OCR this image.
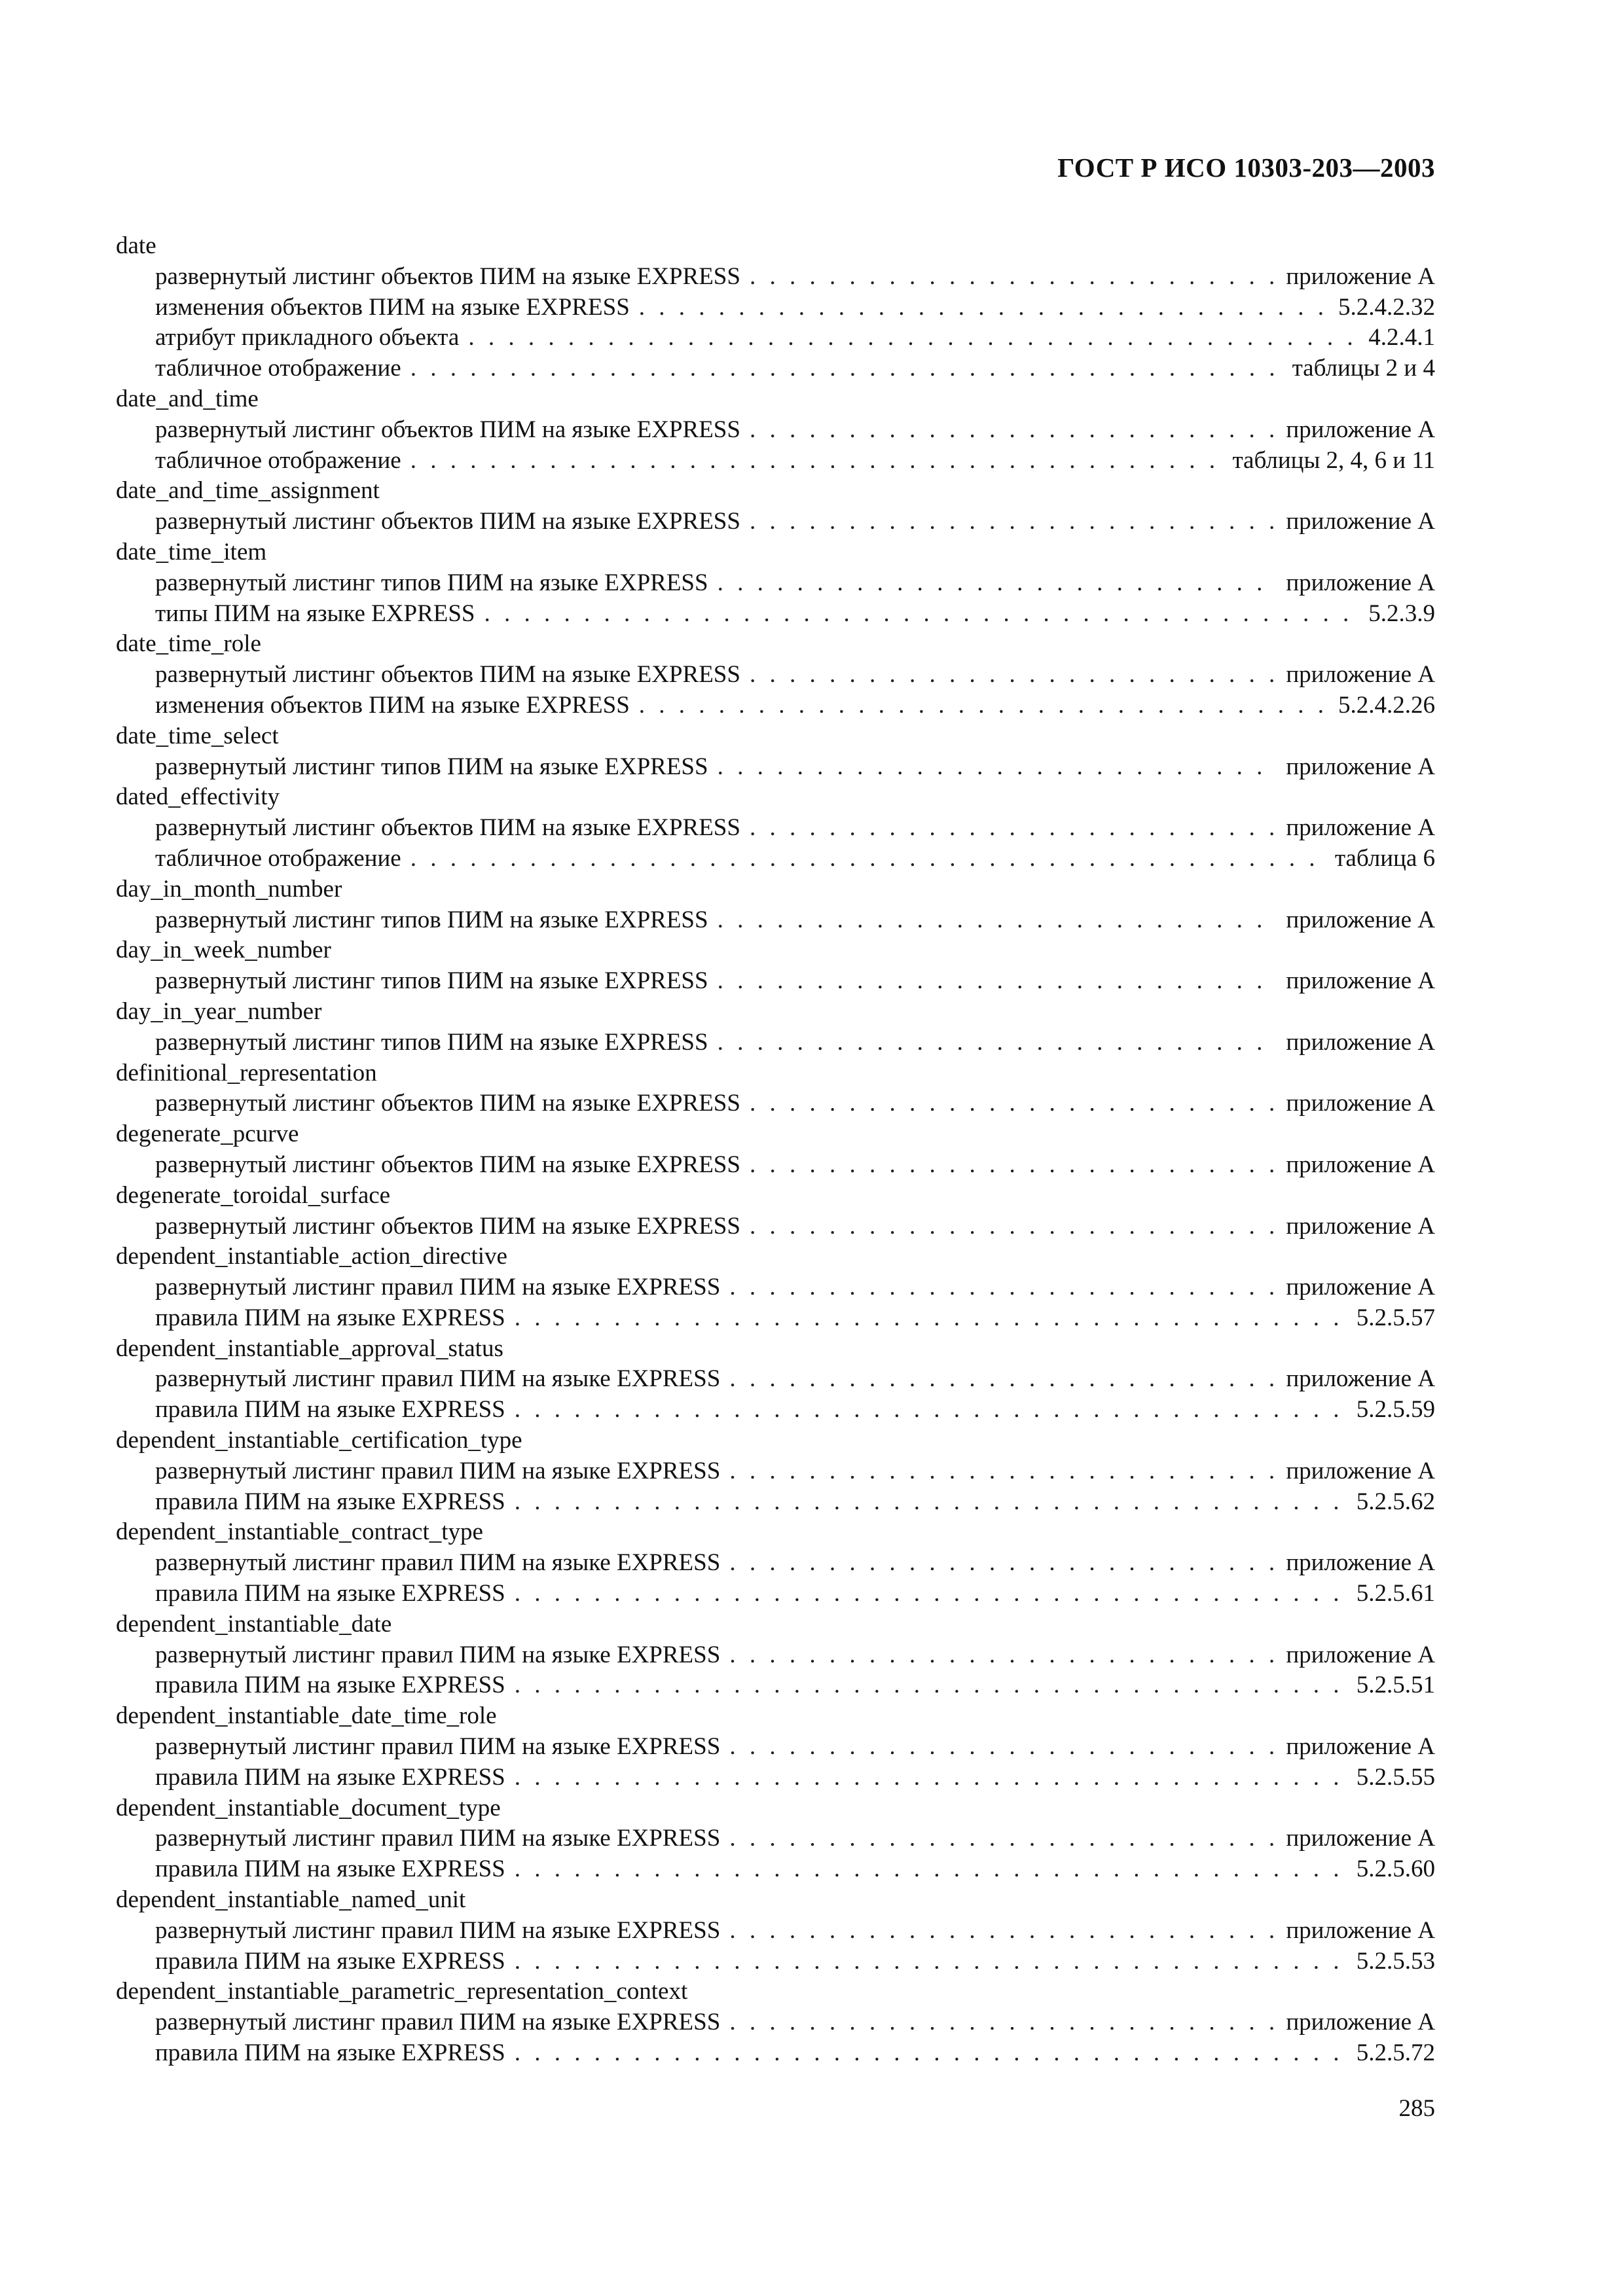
ГОСТ Р ИСО 10303-203—2003
date
развернутый листинг объектов ПИМ на языке EXPRESS . . .	приложение А
изменения объектов ПИМ на языке EXPRESS . . .	5.2.4.2.32
атрибут прикладного объекта . . .	4.2.4.1
табличное отображение . . .	таблицы 2 и 4
date_and_time
развернутый листинг объектов ПИМ на языке EXPRESS . . .	приложение А
табличное отображение . . .	таблицы 2, 4, 6 и 11
date_and_time_assignment
развернутый листинг объектов ПИМ на языке EXPRESS . . .	приложение А
date_time_item
развернутый листинг типов ПИМ на языке EXPRESS . . .	приложение А
типы ПИМ на языке EXPRESS . . .	5.2.3.9
date_time_role
развернутый листинг объектов ПИМ на языке EXPRESS . . .	приложение А
изменения объектов ПИМ на языке EXPRESS . . .	5.2.4.2.26
date_time_select
развернутый листинг типов ПИМ на языке EXPRESS . . .	приложение А
dated_effectivity
развернутый листинг объектов ПИМ на языке EXPRESS . . .	приложение А
табличное отображение . . .	таблица 6
day_in_month_number
развернутый листинг типов ПИМ на языке EXPRESS . . .	приложение А
day_in_week_number
развернутый листинг типов ПИМ на языке EXPRESS . . .	приложение А
day_in_year_number
развернутый листинг типов ПИМ на языке EXPRESS . . .	приложение А
definitional_representation
развернутый листинг объектов ПИМ на языке EXPRESS . . .	приложение А
degenerate_pcurve
развернутый листинг объектов ПИМ на языке EXPRESS . . .	приложение А
degenerate_toroidal_surface
развернутый листинг объектов ПИМ на языке EXPRESS . . .	приложение А
dependent_instantiable_action_directive
развернутый листинг правил ПИМ на языке EXPRESS . . .	приложение А
правила ПИМ на языке EXPRESS . . .	5.2.5.57
dependent_instantiable_approval_status
развернутый листинг правил ПИМ на языке EXPRESS . . .	приложение А
правила ПИМ на языке EXPRESS . . .	5.2.5.59
dependent_instantiable_certification_type
развернутый листинг правил ПИМ на языке EXPRESS . . .	приложение А
правила ПИМ на языке EXPRESS . . .	5.2.5.62
dependent_instantiable_contract_type
развернутый листинг правил ПИМ на языке EXPRESS . . .	приложение А
правила ПИМ на языке EXPRESS . . .	5.2.5.61
dependent_instantiable_date
развернутый листинг правил ПИМ на языке EXPRESS . . .	приложение А
правила ПИМ на языке EXPRESS . . .	5.2.5.51
dependent_instantiable_date_time_role
развернутый листинг правил ПИМ на языке EXPRESS . . .	приложение А
правила ПИМ на языке EXPRESS . . .	5.2.5.55
dependent_instantiable_document_type
развернутый листинг правил ПИМ на языке EXPRESS . . .	приложение А
правила ПИМ на языке EXPRESS . . .	5.2.5.60
dependent_instantiable_named_unit
развернутый листинг правил ПИМ на языке EXPRESS . . .	приложение А
правила ПИМ на языке EXPRESS . . .	5.2.5.53
dependent_instantiable_parametric_representation_context
развернутый листинг правил ПИМ на языке EXPRESS . . .	приложение А
правила ПИМ на языке EXPRESS . . .	5.2.5.72
285
